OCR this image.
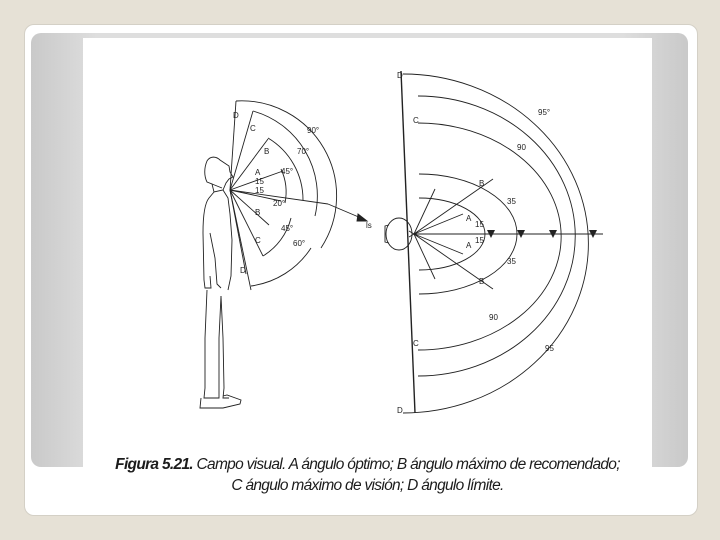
D
C
B
A
90°
70°
45°
15
15
20°
B
45°
C	60°
D
ls
D
C
B
A
A
B
C
D
95°
90
35
15
15
35
90
95
Figura 5.21. Campo visual. A ángulo óptimo; B ángulo máximo de recomendado;
C ángulo máximo de visión; D ángulo límite.
